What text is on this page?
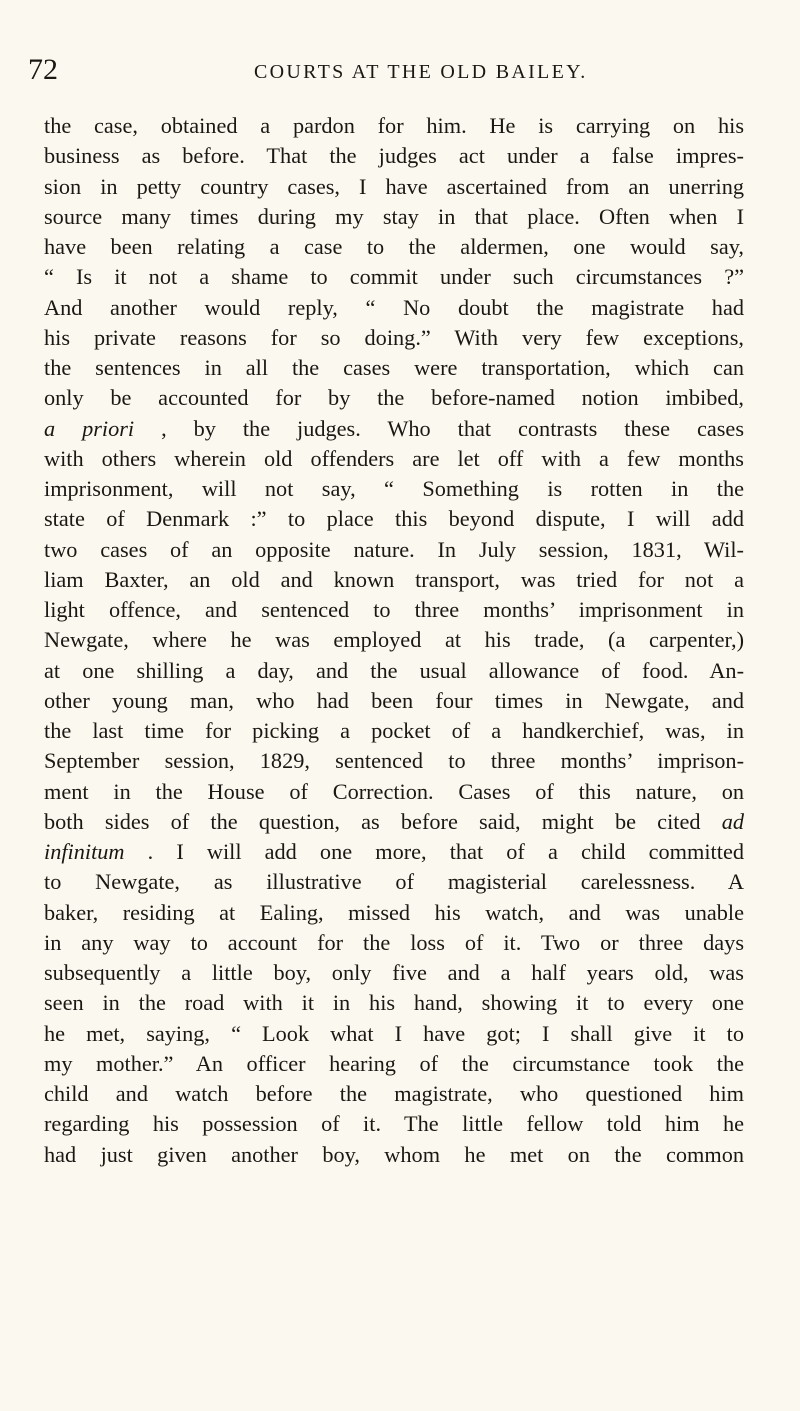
72	COURTS AT THE OLD BAILEY.
the case, obtained a pardon for him. He is carrying on his
business as before. That the judges act under a false impres-
sion in petty country cases, I have ascertained from an unerring
source many times during my stay in that place. Often when I
have been relating a case to the aldermen, one would say,
“ Is it not a shame to commit under such circumstances ?”
And another would reply, “ No doubt the magistrate had
his private reasons for so doing.” With very few exceptions,
the sentences in all the cases were transportation, which can
only be accounted for by the before-named notion imbibed,
a priori , by the judges. Who that contrasts these cases
with others wherein old offenders are let off with a few months
imprisonment, will not say, “ Something is rotten in the
state of Denmark :” to place this beyond dispute, I will add
two cases of an opposite nature. In July session, 1831, Wil-
liam Baxter, an old and known transport, was tried for not a
light offence, and sentenced to three months’ imprisonment in
Newgate, where he was employed at his trade, (a carpenter,)
at one shilling a day, and the usual allowance of food. An-
other young man, who had been four times in Newgate, and
the last time for picking a pocket of a handkerchief, was, in
September session, 1829, sentenced to three months’ imprison-
ment in the House of Correction. Cases of this nature, on
both sides of the question, as before said, might be cited ad
infinitum . I will add one more, that of a child committed
to Newgate, as illustrative of magisterial carelessness. A
baker, residing at Ealing, missed his watch, and was unable
in any way to account for the loss of it. Two or three days
subsequently a little boy, only five and a half years old, was
seen in the road with it in his hand, showing it to every one
he met, saying, “ Look what I have got; I shall give it to
my mother.” An officer hearing of the circumstance took the
child and watch before the magistrate, who questioned him
regarding his possession of it. The little fellow told him he
had just given another boy, whom he met on the common
